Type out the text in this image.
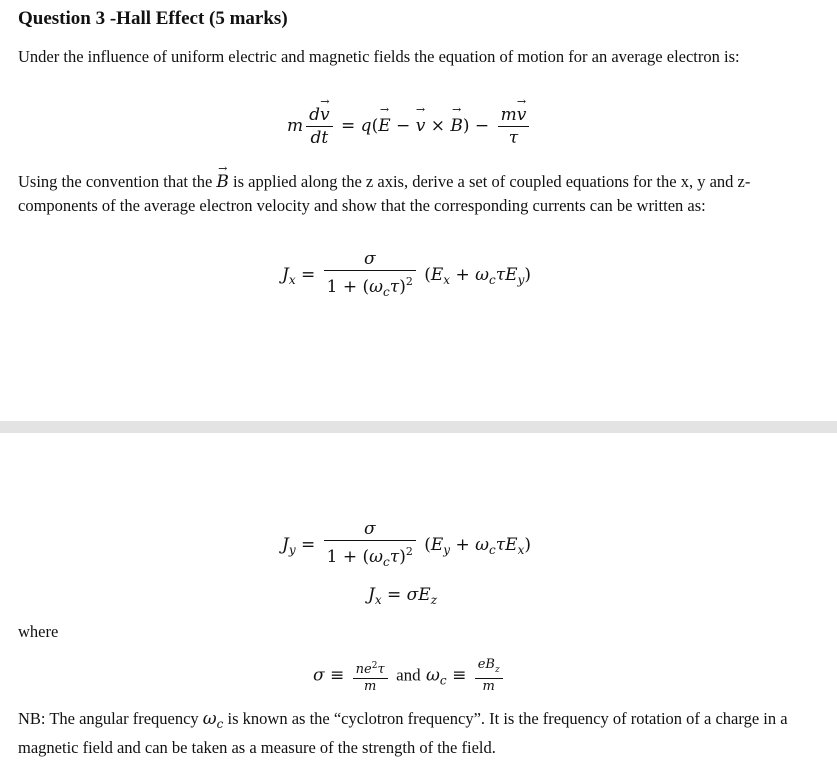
Question 3 -Hall Effect (5 marks)
Under the influence of uniform electric and magnetic fields the equation of motion for an average electron is:
m $\frac{dv \to}{dt} = q(E$ → − v → × B →) − $\frac{mv \to}{\tau}$
Using the convention that the B → is applied along the z axis, derive a set of coupled equations for the x, y and z-components of the average electron velocity and show that the corresponding currents can be written as:
$J_x = \frac{\sigma}{1 + (\omega_c\tau)^2} (E_x + \omega_c\tau E_y)$
$J_y = \frac{\sigma}{1 + (\omega_c\tau)^2} (E_y + \omega_c\tau E_x)$
$J_x = \sigma E_z$
where
$\sigma \equiv \frac{ne^2\tau}{m}$ and $\omega_c \equiv \frac{eB_z}{m}$
NB: The angular frequency $\omega_c$ is known as the “cyclotron frequency”. It is the frequency of rotation of a charge in a magnetic field and can be taken as a measure of the strength of the field.
